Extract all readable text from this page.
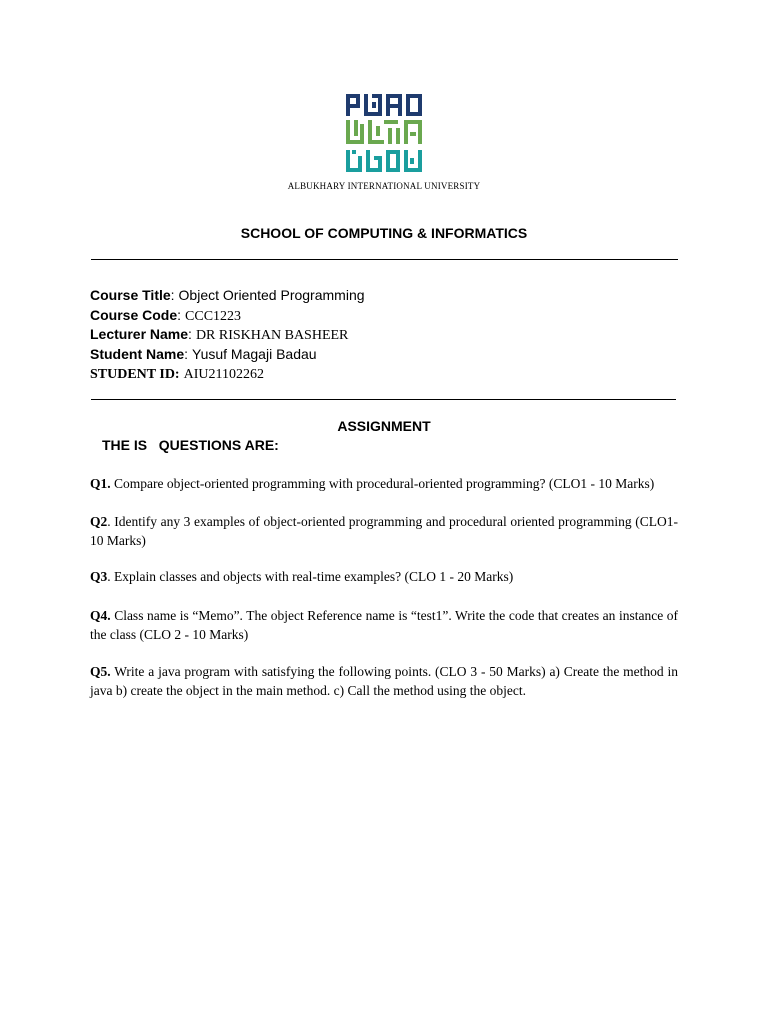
ALBUKHARY INTERNATIONAL UNIVERSITY
SCHOOL OF COMPUTING & INFORMATICS
Course Title: Object Oriented Programming
Course Code: CCC1223
Lecturer Name: DR RISKHAN BASHEER
Student Name: Yusuf Magaji Badau
STUDENT ID: AIU21102262
ASSIGNMENT
THE IS   QUESTIONS ARE:
Q1. Compare object-oriented programming with procedural-oriented programming? (CLO1 - 10 Marks)
Q2. Identify any 3 examples of object-oriented programming and procedural oriented programming (CLO1-10 Marks)
Q3. Explain classes and objects with real-time examples? (CLO 1 - 20 Marks)
Q4. Class name is “Memo”. The object Reference name is “test1”. Write the code that creates an instance of the class (CLO 2 - 10 Marks)
Q5. Write a java program with satisfying the following points. (CLO 3 - 50 Marks) a) Create the method in java b) create the object in the main method. c) Call the method using the object.
